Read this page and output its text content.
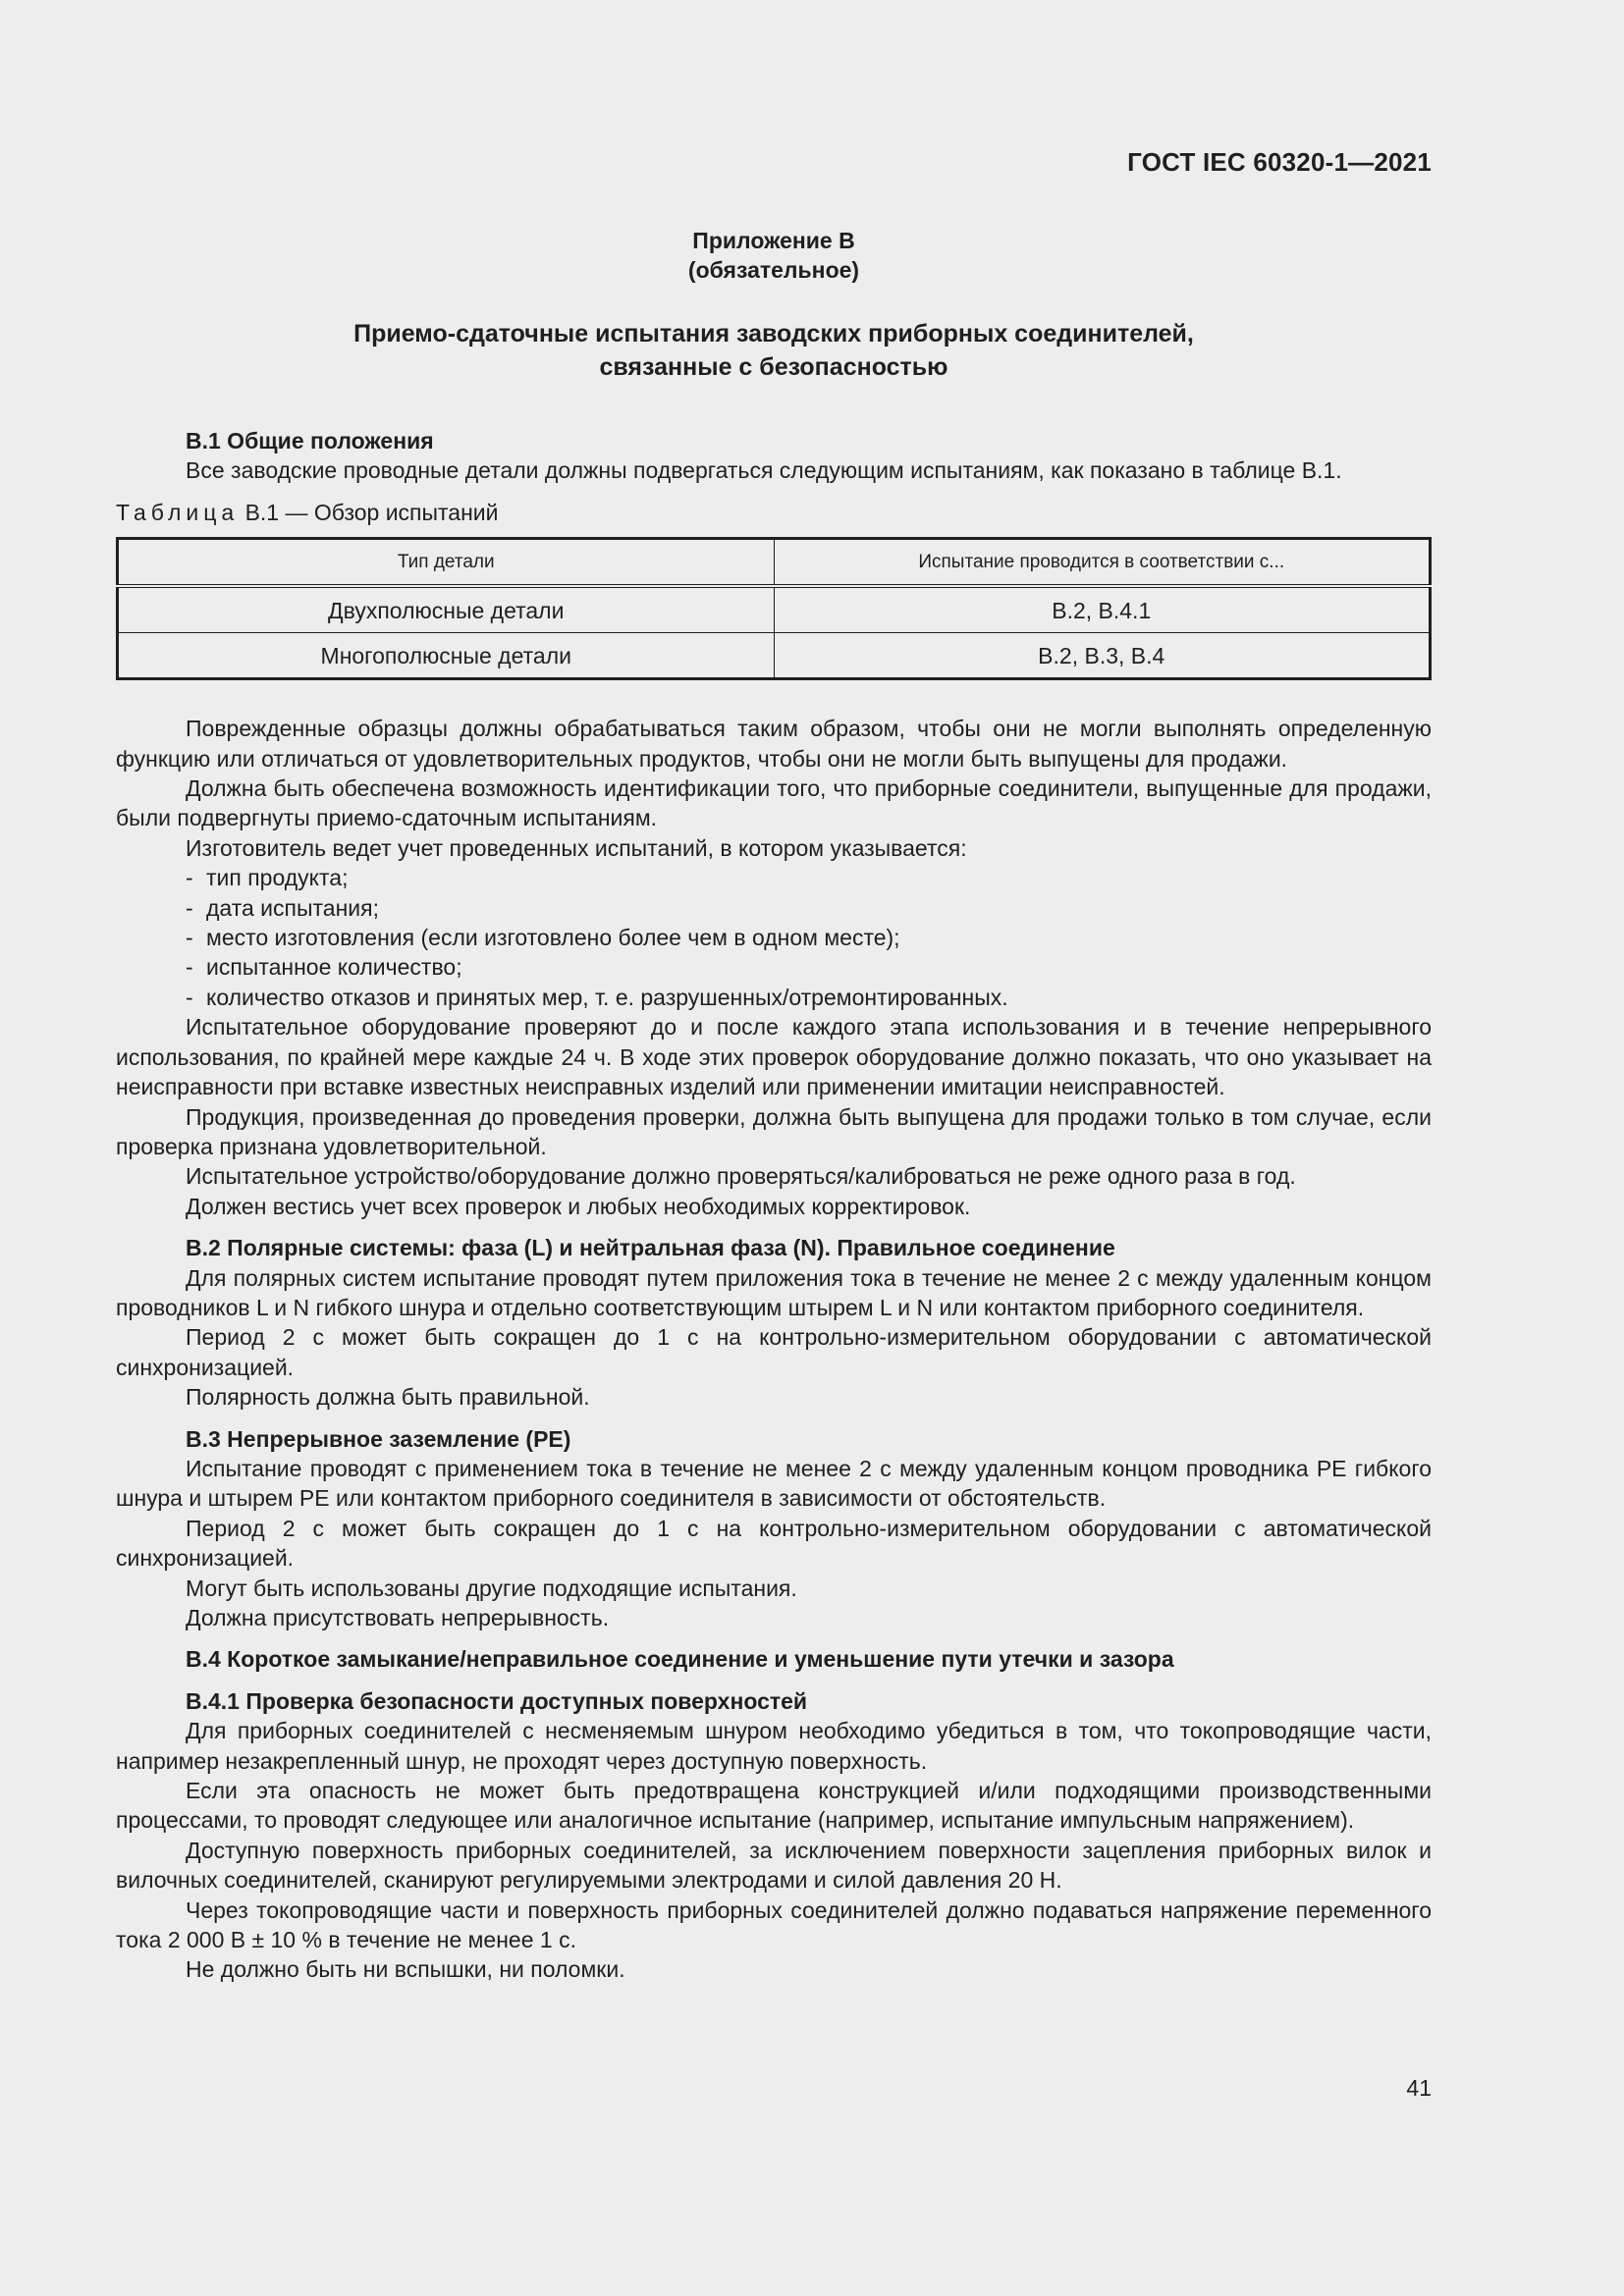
ГОСТ IEC 60320-1—2021
Приложение В
(обязательное)
Приемо-сдаточные испытания заводских приборных соединителей,
связанные с безопасностью
В.1 Общие положения

Все заводские проводные детали должны подвергаться следующим испытаниям, как показано в таблице В.1.

Таблица В.1 — Обзор испытаний
Тип детали	Испытание проводится в соответствии с...
Двухполюсные детали	В.2, В.4.1
Многополюсные детали	В.2, В.3, В.4

Поврежденные образцы должны обрабатываться таким образом, чтобы они не могли выполнять определенную функцию или отличаться от удовлетворительных продуктов, чтобы они не могли быть выпущены для продажи.

Должна быть обеспечена возможность идентификации того, что приборные соединители, выпущенные для продажи, были подвергнуты приемо-сдаточным испытаниям.

Изготовитель ведет учет проведенных испытаний, в котором указывается:

- тип продукта;
- дата испытания;
- место изготовления (если изготовлено более чем в одном месте);
- испытанное количество;
- количество отказов и принятых мер, т. е. разрушенных/отремонтированных.

Испытательное оборудование проверяют до и после каждого этапа использования и в течение непрерывного использования, по крайней мере каждые 24 ч. В ходе этих проверок оборудование должно показать, что оно указывает на неисправности при вставке известных неисправных изделий или применении имитации неисправностей.

Продукция, произведенная до проведения проверки, должна быть выпущена для продажи только в том случае, если проверка признана удовлетворительной.

Испытательное устройство/оборудование должно проверяться/калиброваться не реже одного раза в год.

Должен вестись учет всех проверок и любых необходимых корректировок.

В.2 Полярные системы: фаза (L) и нейтральная фаза (N). Правильное соединение

Для полярных систем испытание проводят путем приложения тока в течение не менее 2 с между удаленным концом проводников L и N гибкого шнура и отдельно соответствующим штырем L и N или контактом приборного соединителя.

Период 2 с может быть сокращен до 1 с на контрольно-измерительном оборудовании с автоматической синхронизацией.

Полярность должна быть правильной.

В.3 Непрерывное заземление (PE)

Испытание проводят с применением тока в течение не менее 2 с между удаленным концом проводника PE гибкого шнура и штырем PE или контактом приборного соединителя в зависимости от обстоятельств.

Период 2 с может быть сокращен до 1 с на контрольно-измерительном оборудовании с автоматической синхронизацией.

Могут быть использованы другие подходящие испытания.

Должна присутствовать непрерывность.

В.4 Короткое замыкание/неправильное соединение и уменьшение пути утечки и зазора
В.4.1 Проверка безопасности доступных поверхностей

Для приборных соединителей с несменяемым шнуром необходимо убедиться в том, что токопроводящие части, например незакрепленный шнур, не проходят через доступную поверхность.

Если эта опасность не может быть предотвращена конструкцией и/или подходящими производственными процессами, то проводят следующее или аналогичное испытание (например, испытание импульсным напряжением).

Доступную поверхность приборных соединителей, за исключением поверхности зацепления приборных вилок и вилочных соединителей, сканируют регулируемыми электродами и силой давления 20 Н.

Через токопроводящие части и поверхность приборных соединителей должно подаваться напряжение переменного тока 2 000 В ± 10 % в течение не менее 1 с.

Не должно быть ни вспышки, ни поломки.

41
